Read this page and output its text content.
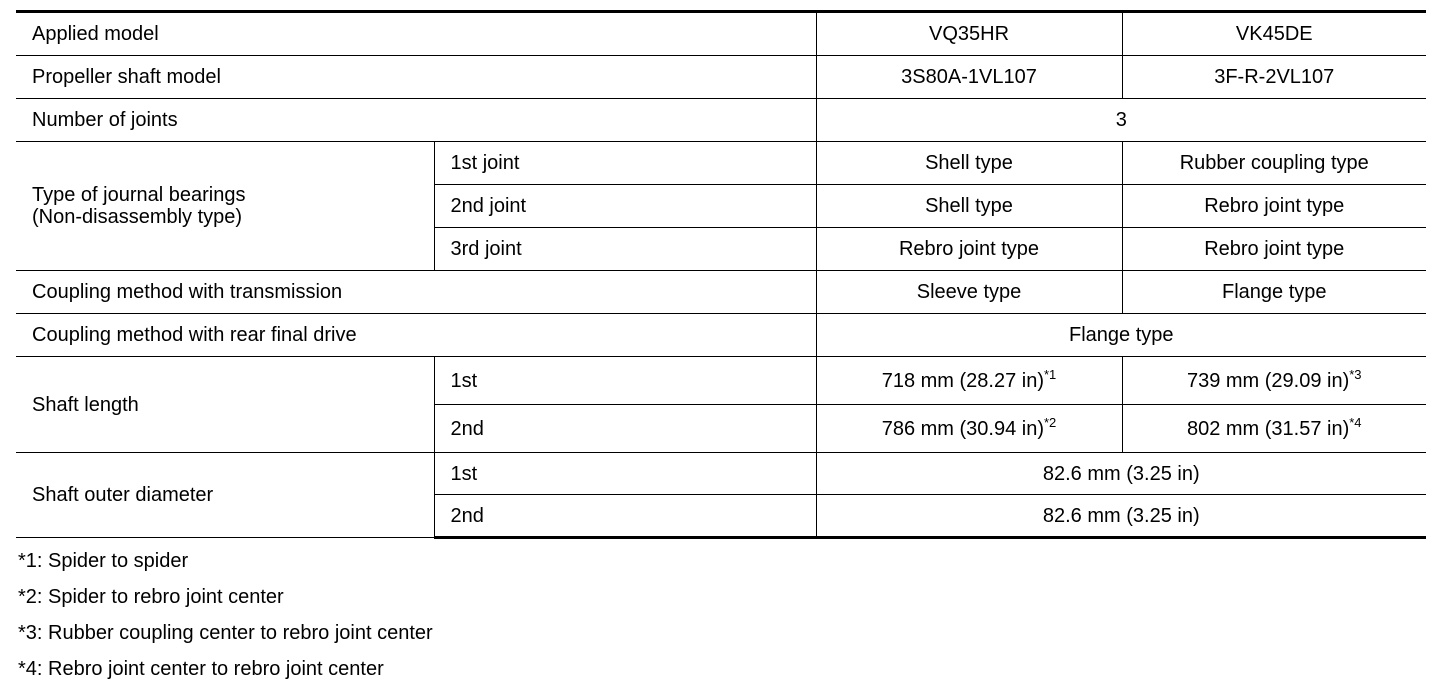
Applied model		VQ35HR	VK45DE
Propeller shaft model		3S80A-1VL107	3F-R-2VL107
Number of joints		3	

Type of journal bearings
(Non-disassembly type)	1st joint	Shell type	Rubber coupling type
	2nd joint	Shell type	Rebro joint type
	3rd joint	Rebro joint type	Rebro joint type
Coupling method with transmission		Sleeve type	Flange type
Coupling method with rear final drive		Flange type	
Shaft length	1st	718 mm (28.27 in)$^{*1}$	739 mm (29.09 in)$^{*3}$
	2nd	786 mm (30.94 in)$^{*2}$	802 mm (31.57 in)$^{*4}$
Shaft outer diameter	1st	82.6 mm (3.25 in)	
	2nd	82.6 mm (3.25 in)	
*1: Spider to spider
*2: Spider to rebro joint center
*3: Rubber coupling center to rebro joint center
*4: Rebro joint center to rebro joint center
